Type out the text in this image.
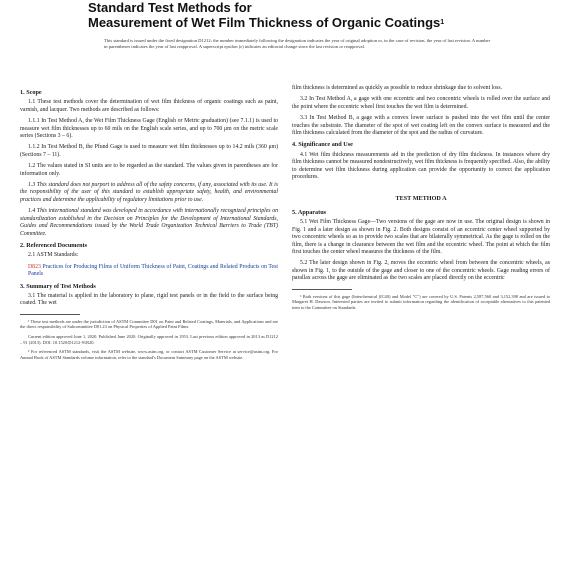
Standard Test Methods for
Measurement of Wet Film Thickness of Organic Coatings$^1$
This standard is issued under the fixed designation D1212; the number immediately following the designation indicates the year of original adoption or, in the case of revision, the year of last revision. A number in parentheses indicates the year of last reapproval. A superscript epsilon (ε) indicates an editorial change since the last revision or reapproval.
1. Scope

1.1 These test methods cover the determination of wet film thickness of organic coatings such as paint, varnish, and lacquer. Two methods are described as follows:

1.1.1 In Test Method A, the Wet Film Thickness Gage (English or Metric graduation) (see 7.1.1) is used to measure wet film thicknesses up to 60 mils on the English scale series, and up to 700 μm on the metric scale series (Sections 3 – 6).

1.1.2 In Test Method B, the Pfund Gage is used to measure wet film thicknesses up to 14.2 mils (360 μm) (Sections 7 – 11).

1.2 The values stated in SI units are to be regarded as the standard. The values given in parentheses are for information only.

1.3 This standard does not purport to address all of the safety concerns, if any, associated with its use. It is the responsibility of the user of this standard to establish appropriate safety, health, and environmental practices and determine the applicability of regulatory limitations prior to use.

1.4 This international standard was developed in accordance with internationally recognized principles on standardization established in the Decision on Principles for the Development of International Standards, Guides and Recommendations issued by the World Trade Organization Technical Barriers to Trade (TBT) Committee.

2. Referenced Documents

2.1 ASTM Standards:

D823 Practices for Producing Films of Uniform Thickness of Paint, Coatings and Related Products on Test Panels
3. Summary of Test Methods

3.1 The material is applied in the laboratory to plane, rigid test panels or in the field to the surface being coated. The wet

¹ These test methods are under the jurisdiction of ASTM Committee D01 on Paint and Related Coatings, Materials, and Applications and are the direct responsibility of Subcommittee D01.23 on Physical Properties of Applied Paint Films.

Current edition approved June 1, 2020. Published June 2020. Originally approved in 1953. Last previous edition approved in 2013 as D1212 – 91 (2013). DOI: 10.1520/D1212-91R20.

² For referenced ASTM standards, visit the ASTM website, www.astm.org, or contact ASTM Customer Service at service@astm.org. For Annual Book of ASTM Standards volume information, refer to the standard's Document Summary page on the ASTM website.

film thickness is determined as quickly as possible to reduce shrinkage due to solvent loss.

3.2 In Test Method A, a gage with one eccentric and two concentric wheels is rolled over the surface and the point where the eccentric wheel first touches the wet film is determined.

3.3 In Test Method B, a gage with a convex lower surface is pushed into the wet film until the center touches the substrate. The diameter of the spot of wet coating left on the convex surface is measured and the film thickness calculated from the diameter of the spot and the radius of curvature.

4. Significance and Use

4.1 Wet film thickness measurements aid in the prediction of dry film thickness. In instances where dry film thickness cannot be measured nondestructively, wet film thickness is frequently specified. Also, the ability to determine wet film thickness during application can provide the opportunity to correct the application procedures.

TEST METHOD A
5. Apparatus

5.1 Wet Film Thickness Gage—Two versions of the gage are now in use. The original design is shown in Fig. 1 and a later design as shown in Fig. 2. Both designs consist of an eccentric center wheel supported by two concentric wheels so as to provide two scales that are bilaterally symmetrical. As the gage is rolled on the film, there is a change in clearance between the wet film and the eccentric wheel. The point at which the film first touches the center wheel measures the thickness of the film.

5.2 The later design shown in Fig. 2, moves the eccentric wheel from between the concentric wheels, as shown in Fig. 1, to the outside of the gage and closer to one of the concentric wheels. Gage reading errors of parallax across the gage are eliminated as the two scales are placed directly on the eccentric

³ Both versions of this gage (Interchemical (IC40) and Model "C") are covered by U.S. Patents 2,587,560 and 3,152,398 and are issued to Margaret H. Dawson. Interested parties are invited to submit information regarding the identification of acceptable alternatives to this patented item to the Committee on Standards.
